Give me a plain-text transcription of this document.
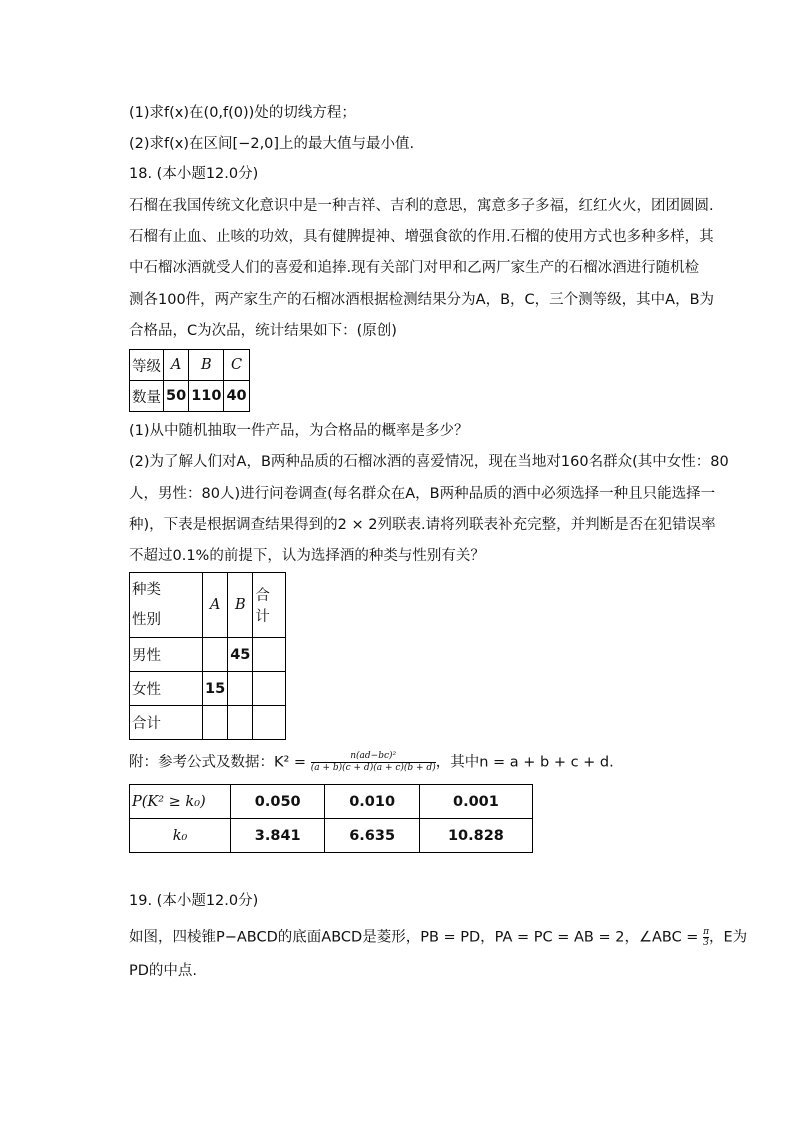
(1)求f(x)在(0,f(0))处的切线方程；
(2)求f(x)在区间[−2,0]上的最大值与最小值.
18. (本小题12.0分)
石榴在我国传统文化意识中是一种吉祥、吉利的意思，寓意多子多福，红红火火，团团圆圆.
石榴有止血、止咳的功效，具有健脾提神、增强食欲的作用.石榴的使用方式也多种多样，其
中石榴冰酒就受人们的喜爱和追捧.现有关部门对甲和乙两厂家生产的石榴冰酒进行随机检
测各100件，两产家生产的石榴冰酒根据检测结果分为A，B，C，三个测等级，其中A，B为
合格品，C为次品，统计结果如下：(原创)
等级	A	B	C
数量	50	110	40
(1)从中随机抽取一件产品，为合格品的概率是多少？
(2)为了解人们对A，B两种品质的石榴冰酒的喜爱情况，现在当地对160名群众(其中女性：80
人，男性：80人)进行问卷调查(每名群众在A，B两种品质的酒中必须选择一种且只能选择一
种)，下表是根据调查结果得到的2 × 2列联表.请将列联表补充完整，并判断是否在犯错误率
不超过0.1%的前提下，认为选择酒的种类与性别有关？
种类
性别	A	B	合计
男性		45	
女性	15		
合计			
附：参考公式及数据：$K^2 = \frac{\text{n(ad−bc)²}}{(a + b)(c + d)(a + c)(b + d)}$ ，其中n = a + b + c + d.
P(K² ≥ k₀)	0.050	0.010	0.001
k₀	3.841	6.635	10.828
19. (本小题12.0分)
如图，四棱锥P−ABCD的底面ABCD是菱形，PB = PD，PA = PC = AB = 2，∠ABC = $\frac{\pi}{3}$ ，E为
PD的中点.
